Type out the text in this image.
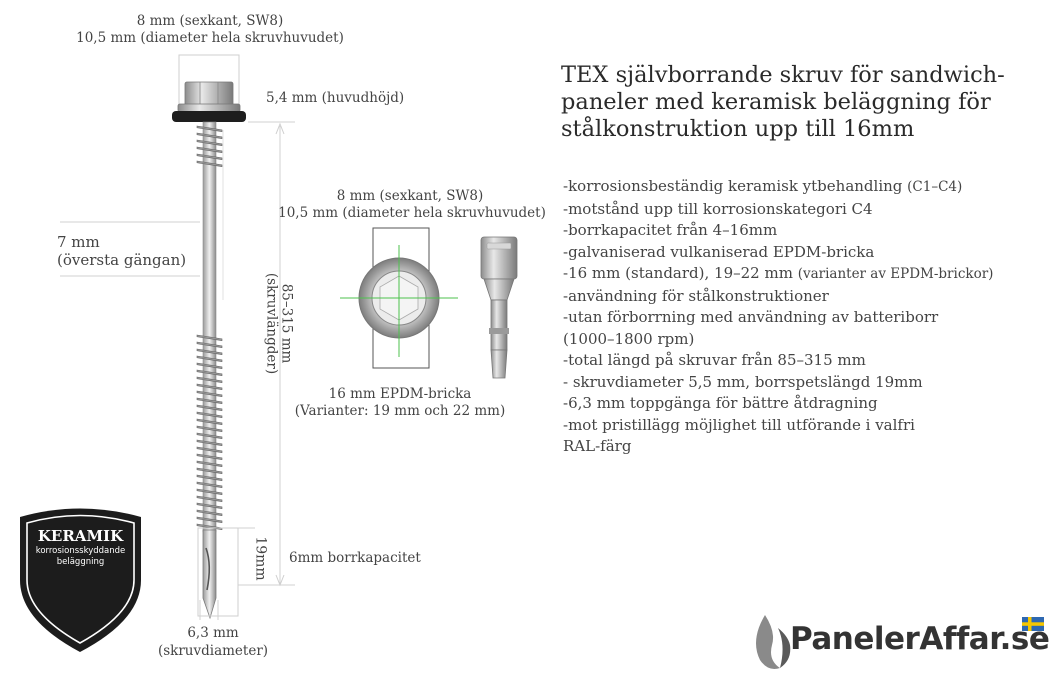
8 mm (sexkant, SW8)
10,5 mm (diameter hela skruvhuvudet)
5,4 mm (huvudhöjd)
7 mm
(översta gängan)
85–315 mm
(skruvlängder)
19mm 6mm borrkapacitet
6,3 mm
(skruvdiameter)
8 mm (sexkant, SW8)
10,5 mm (diameter hela skruvhuvudet)
16 mm EPDM-bricka
(Varianter: 19 mm och 22 mm)
TEX självborrande skruv för sandwich-paneler med keramisk beläggning för stålkonstruktion upp till 16mm
-korrosionsbeständig keramisk ytbehandling (C1–C4)
-motstånd upp till korrosionskategori C4
-borrkapacitet från 4–16mm
-galvaniserad vulkaniserad EPDM-bricka
-16 mm (standard), 19–22 mm (varianter av EPDM-brickor)
-användning för stålkonstruktioner
-utan förborrning med användning av batteriborr
(1000–1800 rpm)
-total längd på skruvar från 85–315 mm
- skruvdiameter 5,5 mm, borrspetslängd 19mm
-6,3 mm toppgänga för bättre åtdragning
-mot pristillägg möjlighet till utförande i valfri
RAL-färg
KERAMIK
korrosionsskyddande
beläggning
PanelerAffar.se
